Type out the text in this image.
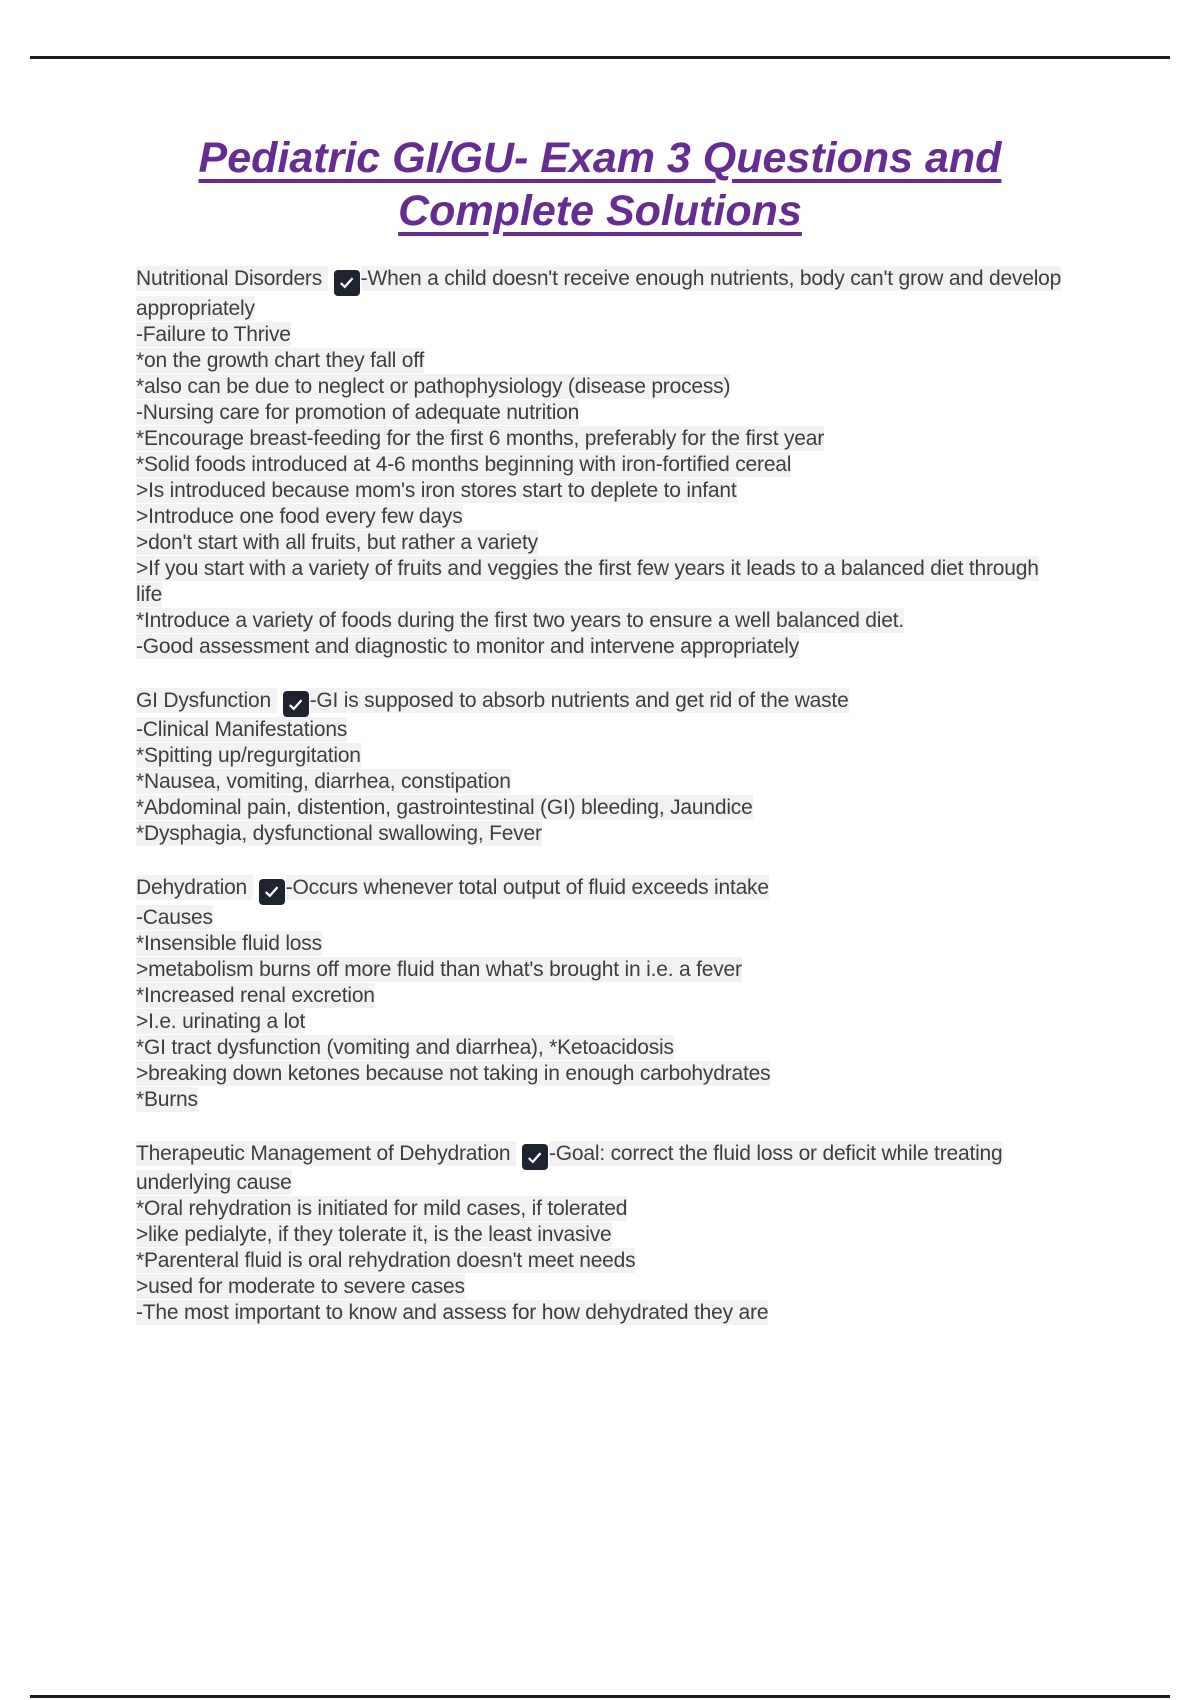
Pediatric GI/GU- Exam 3 Questions and
Complete Solutions

Nutritional Disorders
-When a child doesn't receive enough nutrients, body can't grow and develop appropriately

-Failure to Thrive
*on the growth chart they fall off
*also can be due to neglect or pathophysiology (disease process)
-Nursing care for promotion of adequate nutrition
*Encourage breast-feeding for the first 6 months, preferably for the first year
*Solid foods introduced at 4-6 months beginning with iron-fortified cereal
>Is introduced because mom's iron stores start to deplete to infant
>Introduce one food every few days
>don't start with all fruits, but rather a variety
>If you start with a variety of fruits and veggies the first few years it leads to a balanced diet through life
*Introduce a variety of foods during the first two years to ensure a well balanced diet.
-Good assessment and diagnostic to monitor and intervene appropriately

GI Dysfunction
-GI is supposed to absorb nutrients and get rid of the waste

-Clinical Manifestations
*Spitting up/regurgitation
*Nausea, vomiting, diarrhea, constipation
*Abdominal pain, distention, gastrointestinal (GI) bleeding, Jaundice
*Dysphagia, dysfunctional swallowing, Fever

Dehydration
-Occurs whenever total output of fluid exceeds intake

-Causes
*Insensible fluid loss
>metabolism burns off more fluid than what's brought in i.e. a fever
*Increased renal excretion
>I.e. urinating a lot
*GI tract dysfunction (vomiting and diarrhea), *Ketoacidosis
>breaking down ketones because not taking in enough carbohydrates
*Burns

Therapeutic Management of Dehydration
-Goal: correct the fluid loss or deficit while treating underlying cause

*Oral rehydration is initiated for mild cases, if tolerated
>like pedialyte, if they tolerate it, is the least invasive
*Parenteral fluid is oral rehydration doesn't meet needs
>used for moderate to severe cases
-The most important to know and assess for how dehydrated they are
